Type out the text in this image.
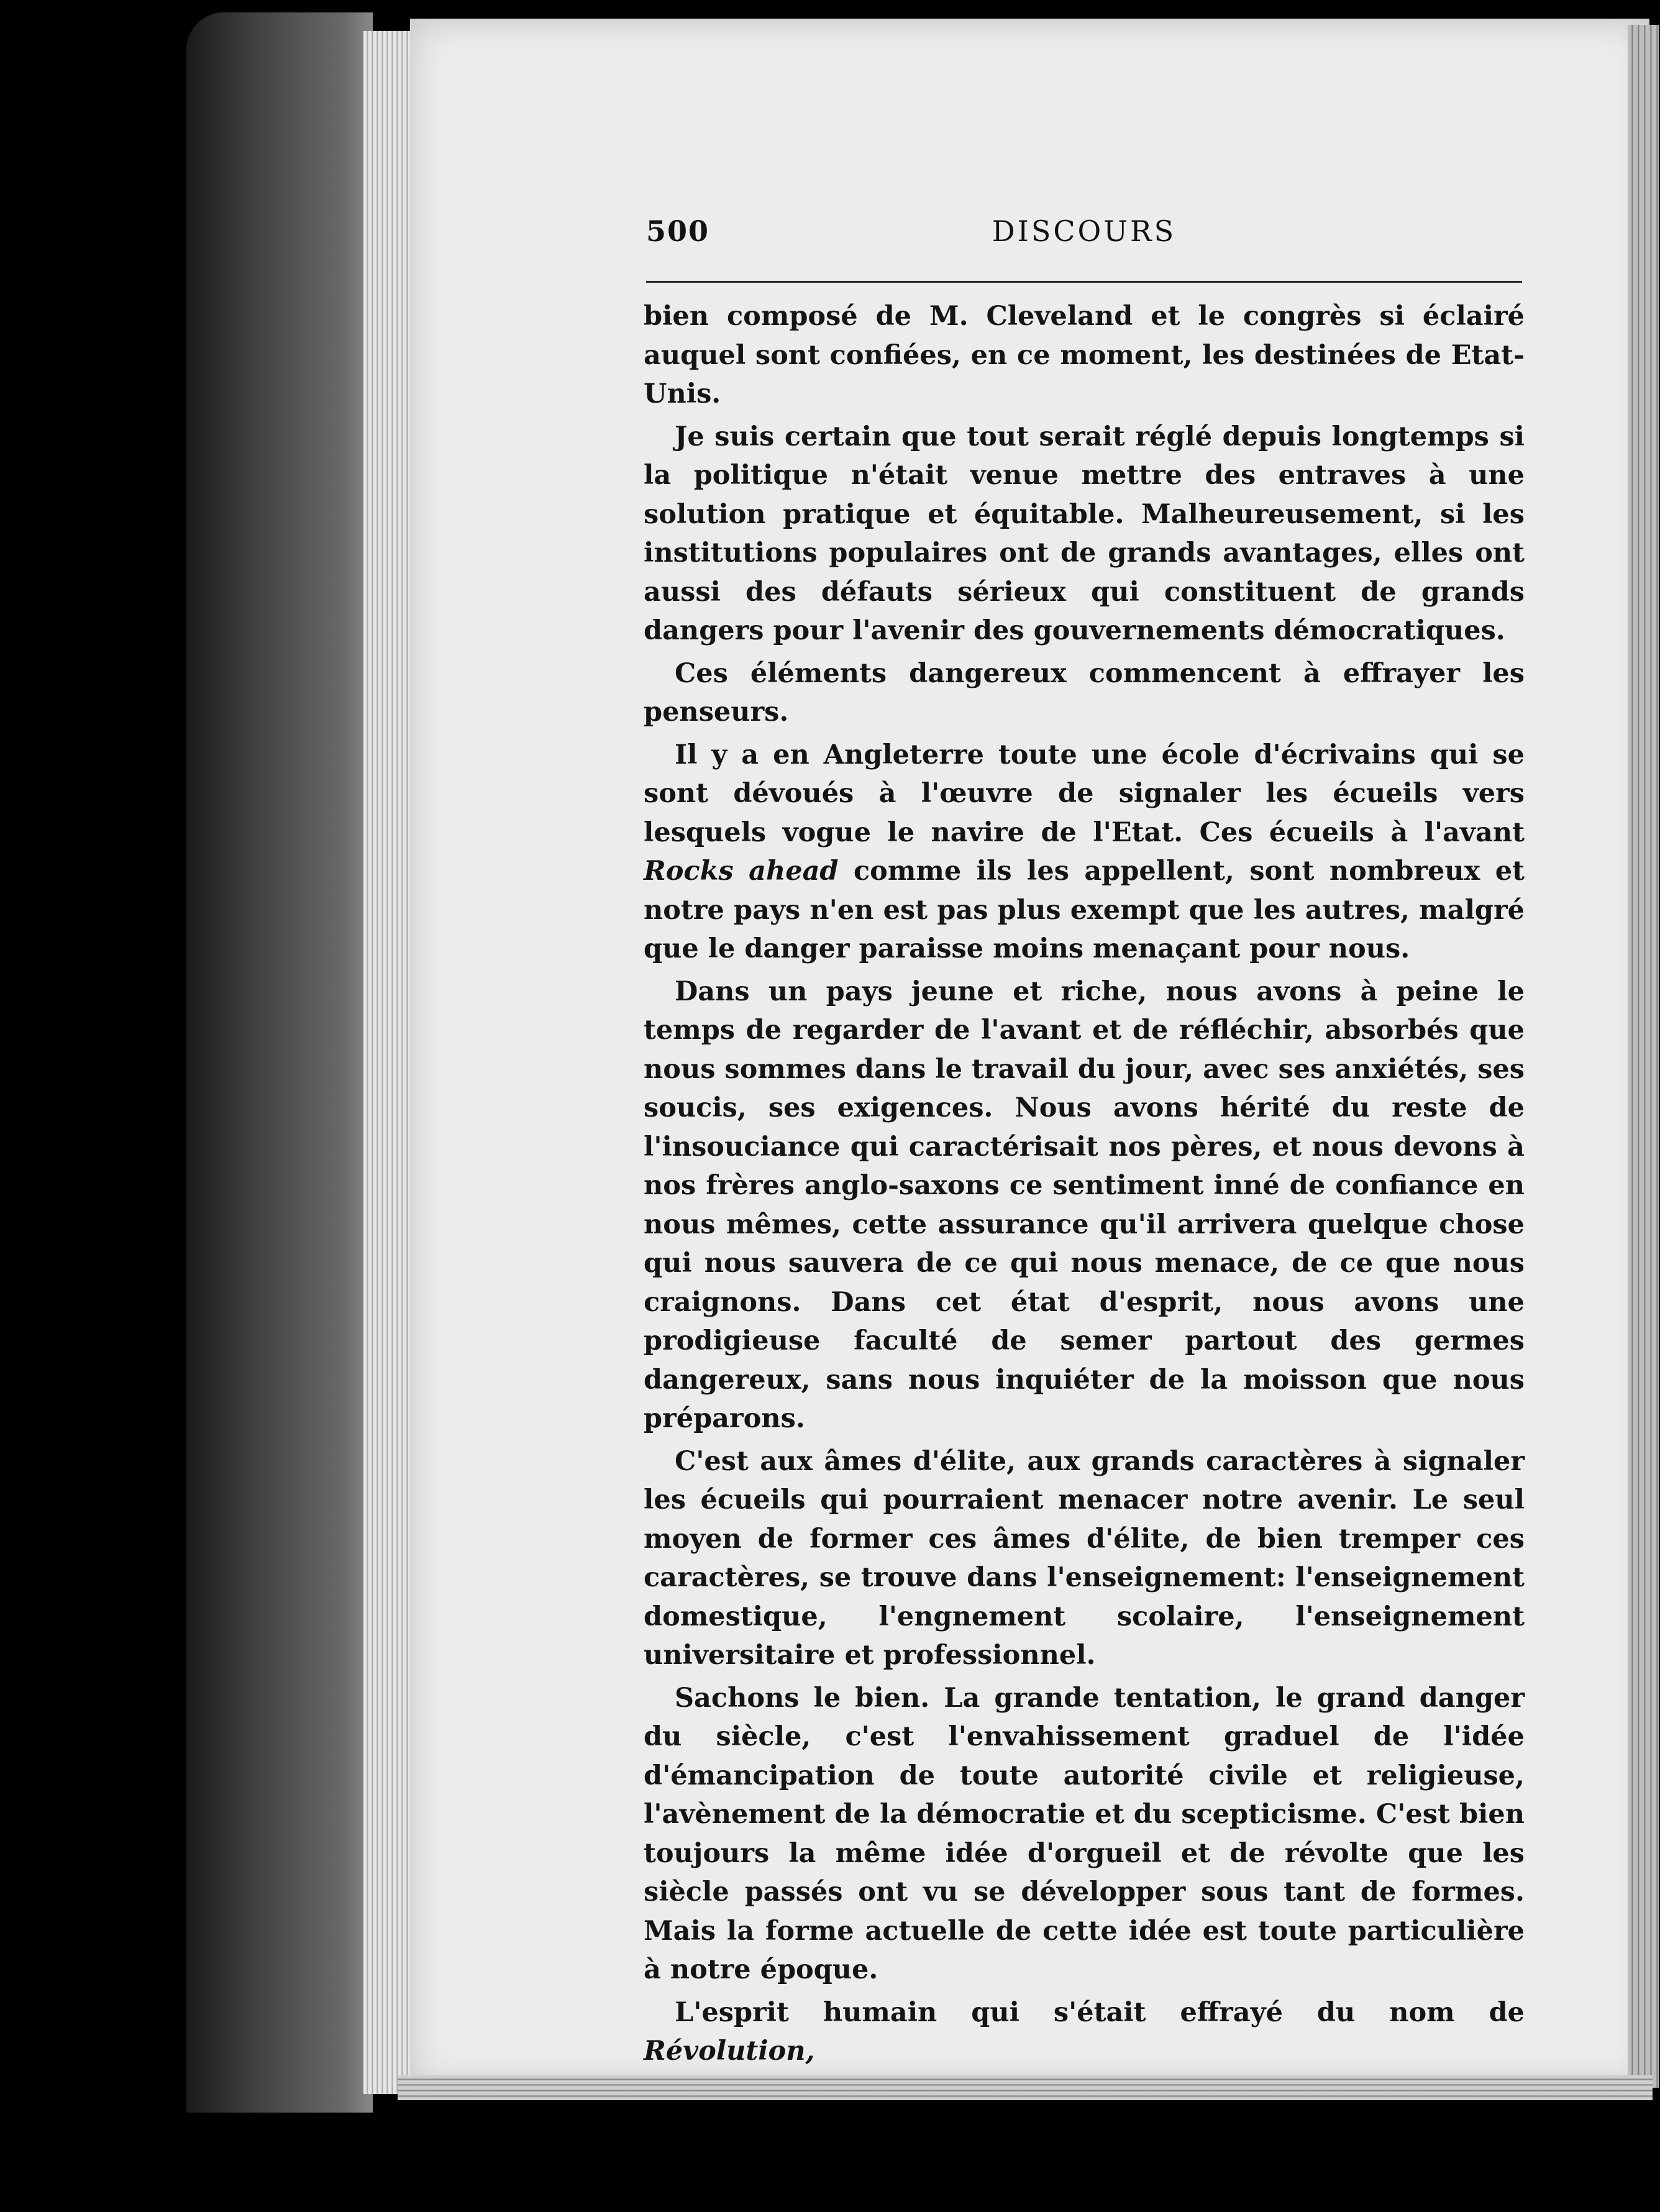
500	DISCOURS

bien composé de M. Cleveland et le congrès si éclairé auquel sont confiées, en ce moment, les destinées de Etat-Unis.

Je suis certain que tout serait réglé depuis longtemps si la politique n'était venue mettre des entraves à une solution pratique et équitable. Malheureusement, si les institutions populaires ont de grands avantages, elles ont aussi des défauts sérieux qui constituent de grands dangers pour l'avenir des gouvernements démocratiques.

Ces éléments dangereux commencent à effrayer les penseurs.

Il y a en Angleterre toute une école d'écrivains qui se sont dévoués à l'œuvre de signaler les écueils vers lesquels vogue le navire de l'Etat. Ces écueils à l'avant Rocks ahead comme ils les appellent, sont nombreux et notre pays n'en est pas plus exempt que les autres, malgré que le danger paraisse moins menaçant pour nous.

Dans un pays jeune et riche, nous avons à peine le temps de regarder de l'avant et de réfléchir, absorbés que nous sommes dans le travail du jour, avec ses anxiétés, ses soucis, ses exigences. Nous avons hérité du reste de l'insouciance qui caractérisait nos pères, et nous devons à nos frères anglo-saxons ce sentiment inné de confiance en nous mêmes, cette assurance qu'il arrivera quelque chose qui nous sauvera de ce qui nous menace, de ce que nous craignons. Dans cet état d'esprit, nous avons une prodigieuse faculté de semer partout des germes dangereux, sans nous inquiéter de la moisson que nous préparons.

C'est aux âmes d'élite, aux grands caractères à signaler les écueils qui pourraient menacer notre avenir. Le seul moyen de former ces âmes d'élite, de bien tremper ces caractères, se trouve dans l'enseignement: l'enseignement domestique, l'engnement scolaire, l'enseignement universitaire et professionnel.

Sachons le bien. La grande tentation, le grand danger du siècle, c'est l'envahissement graduel de l'idée d'émancipation de toute autorité civile et religieuse, l'avènement de la démocratie et du scepticisme. C'est bien toujours la même idée d'orgueil et de révolte que les siècle passés ont vu se développer sous tant de formes. Mais la forme actuelle de cette idée est toute particulière à notre époque.

L'esprit humain qui s'était effrayé du nom de Révolution,
